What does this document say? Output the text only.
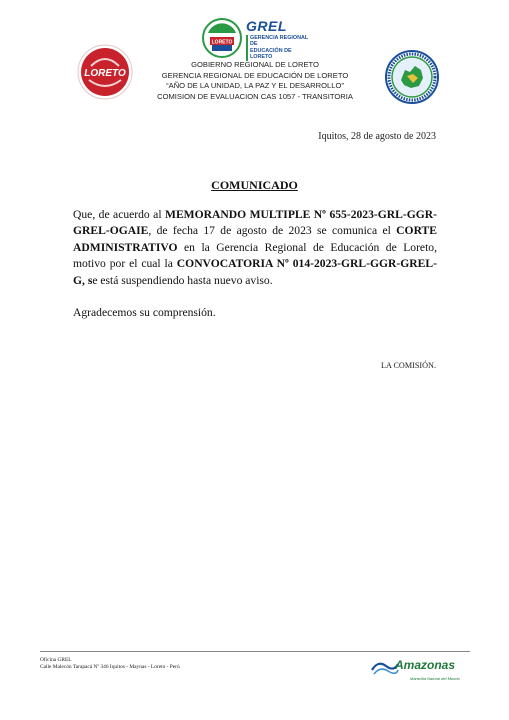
LORETO
GREL
GERENCIA REGIONAL DE
EDUCACIÓN DE LORETO
LORETO
GOBIERNO REGIONAL DE LORETO
GERENCIA REGIONAL DE EDUCACIÓN DE LORETO
“AÑO DE LA UNIDAD, LA PAZ Y EL DESARROLLO”
COMISION DE EVALUACION CAS 1057 - TRANSITORIA
Iquitos, 28 de agosto de 2023
COMUNICADO

Que, de acuerdo al MEMORANDO MULTIPLE Nº 655-2023-GRL-GGR-GREL-OGAIE, de fecha 17 de agosto de 2023 se comunica el CORTE ADMINISTRATIVO en la Gerencia Regional de Educación de Loreto, motivo por el cual la CONVOCATORIA Nº 014-2023-GRL-GGR-GREL-G, se está suspendiendo hasta nuevo aviso.

Agradecemos su comprensión.
LA COMISIÓN.
Oficina GREL
Calle Malecón Tarapacá Nº 346 Iquitos - Maynas - Loreto - Perú	Amazonas
Maravilla Natural del Mundo
